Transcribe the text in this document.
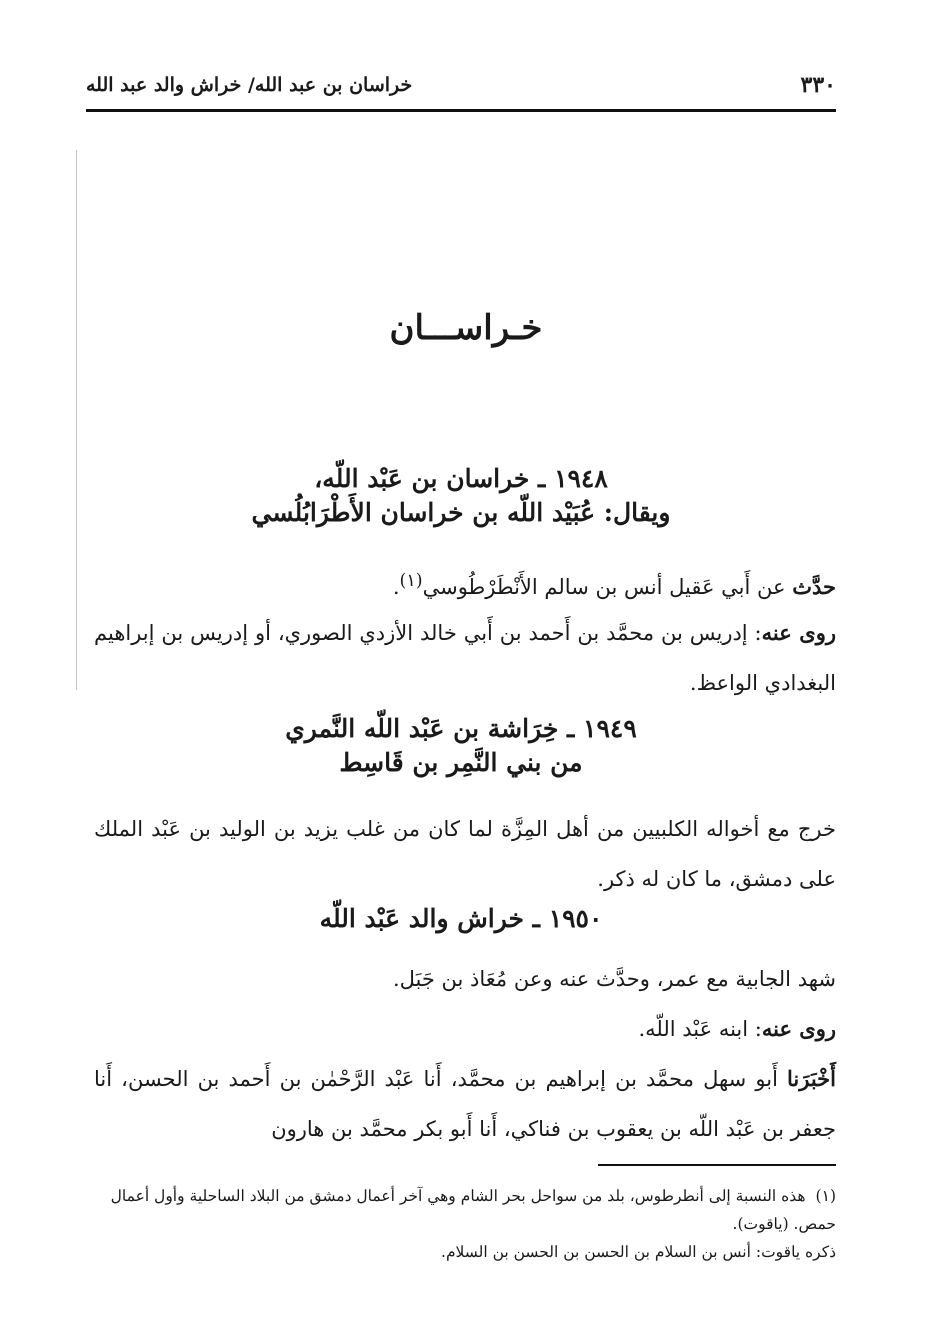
٣٣٠
خراسان بن عبد الله/ خراش والد عبد الله
خـراســـان
١٩٤٨ ـ خراسان بن عَبْد اللّه،
ويقال: عُبَيْد اللّه بن خراسان الأَطْرَابُلُسي
حدَّث عن أَبي عَقيل أنس بن سالم الأَنْطَرْطُوسي$^{(١)}$.
روى عنه: إدريس بن محمَّد بن أَحمد بن أَبي خالد الأزدي الصوري، أو إدريس بن إبراهيم البغدادي الواعظ.
١٩٤٩ ـ خِرَاشة بن عَبْد اللّه النَّمري
من بني النَّمِر بن قَاسِط
خرج مع أخواله الكلبيين من أهل المِزَّة لما كان من غلب يزيد بن الوليد بن عَبْد الملك على دمشق، ما كان له ذكر.
١٩٥٠ ـ خراش والد عَبْد اللّه
شهد الجابية مع عمر، وحدَّث عنه وعن مُعَاذ بن جَبَل.
روى عنه: ابنه عَبْد اللّه.
أَخْبَرَنا أَبو سهل محمَّد بن إبراهيم بن محمَّد، أَنا عَبْد الرَّحْمٰن بن أَحمد بن الحسن، أَنا جعفر بن عَبْد اللّه بن يعقوب بن فناكي، أَنا أَبو بكر محمَّد بن هارون
(١)هذه النسبة إلى أنطرطوس، بلد من سواحل بحر الشام وهي آخر أعمال دمشق من البلاد الساحلية وأول أعمال حمص. (ياقوت).
ذكره ياقوت: أنس بن السلام بن الحسن بن الحسن بن السلام.
